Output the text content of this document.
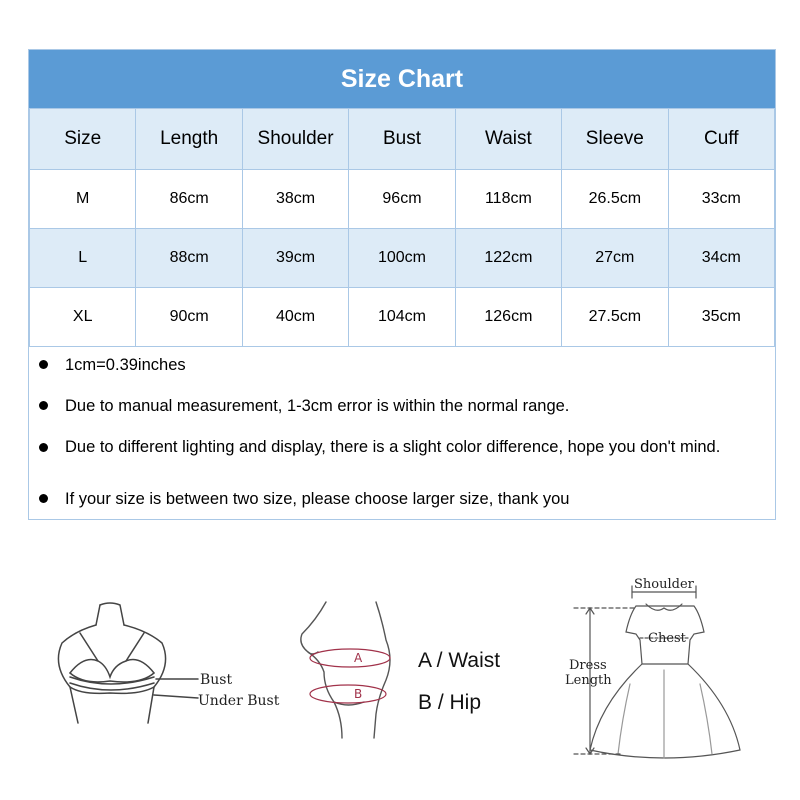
Size Chart
Size	Length	Shoulder	Bust	Waist	Sleeve	Cuff
M	86cm	38cm	96cm	118cm	26.5cm	33cm
L	88cm	39cm	100cm	122cm	27cm	34cm
XL	90cm	40cm	104cm	126cm	27.5cm	35cm
1cm=0.39inches
Due to manual measurement, 1-3cm error is within the normal range.
Due to different lighting and display, there is a slight color difference, hope you don't mind.
If your size is between two size, please choose larger size, thank you
Bust
Under Bust
A
B
A / Waist
B / Hip
Shoulder
Chest
Dress
Length
